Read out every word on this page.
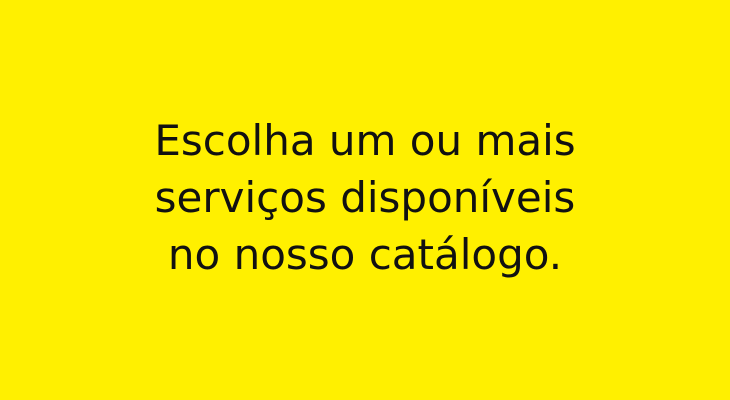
Escolha um ou mais
serviços disponíveis
no nosso catálogo.
